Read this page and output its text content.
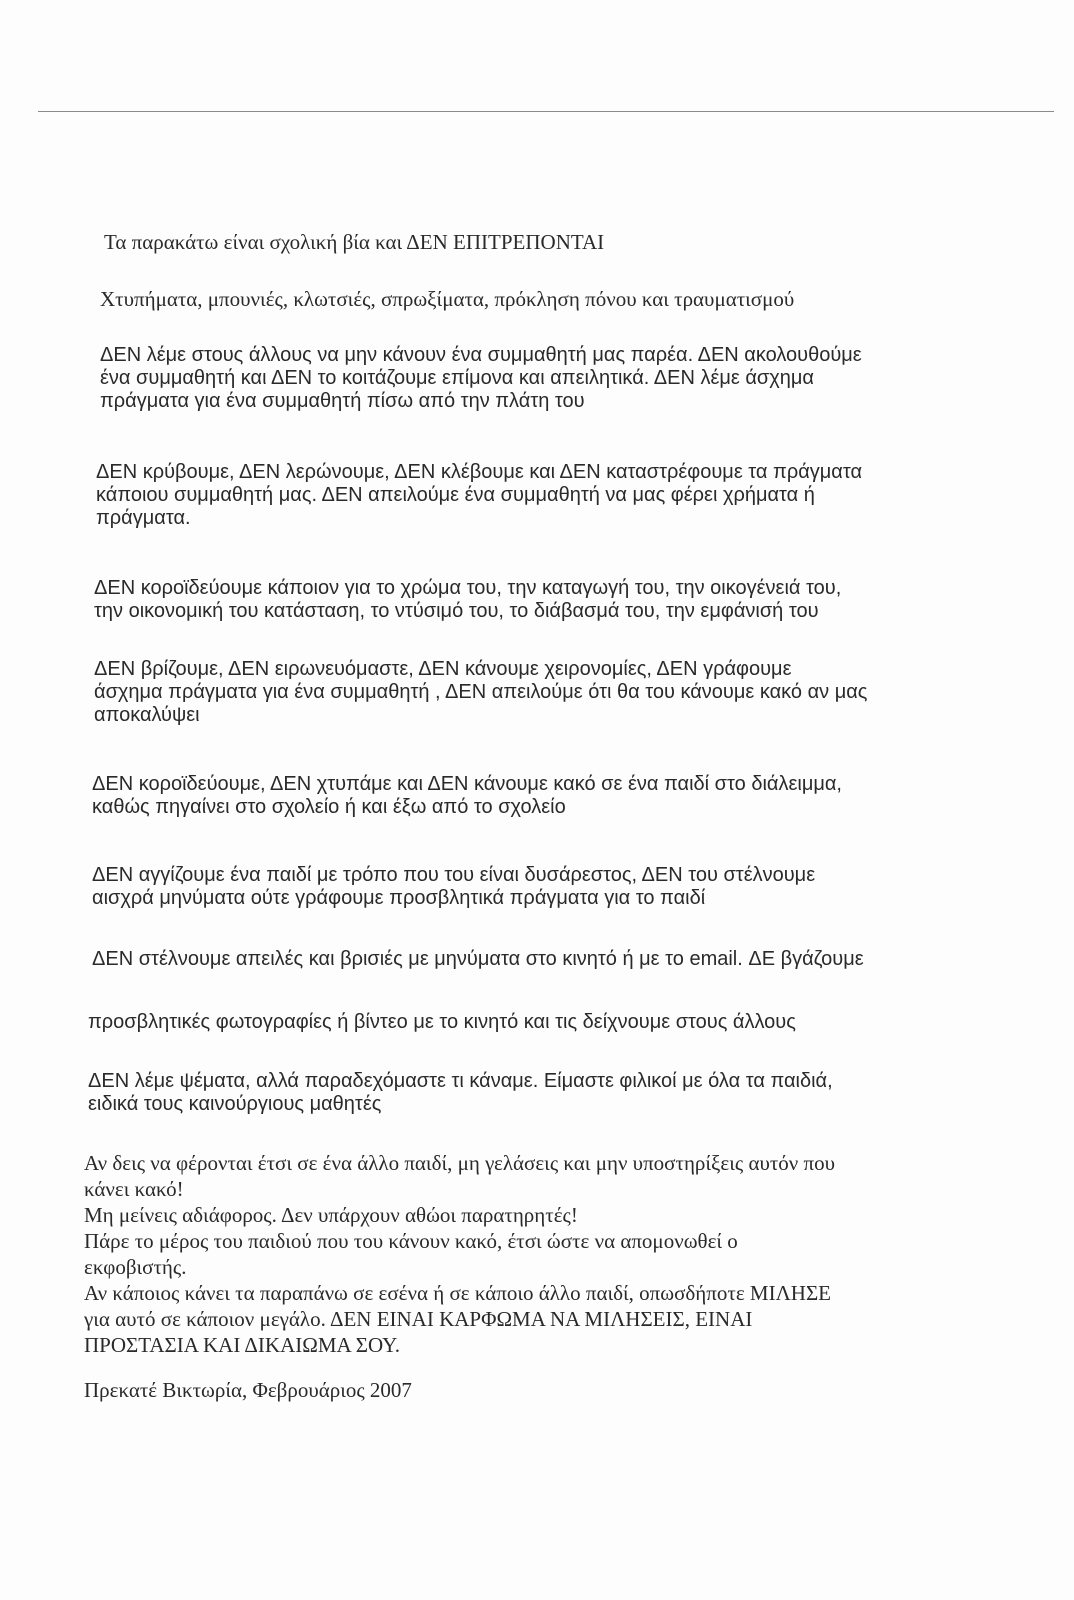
Τα παρακάτω είναι σχολική βία και ΔΕΝ ΕΠΙΤΡΕΠΟΝΤΑΙ
Χτυπήματα, μπουνιές, κλωτσιές, σπρωξίματα, πρόκληση πόνου και τραυματισμού
ΔΕΝ λέμε στους άλλους να μην κάνουν ένα συμμαθητή μας παρέα. ΔΕΝ ακολουθούμε
ένα συμμαθητή και ΔΕΝ το κοιτάζουμε επίμονα και απειλητικά. ΔΕΝ λέμε άσχημα
πράγματα για ένα συμμαθητή πίσω από την πλάτη του
ΔΕΝ κρύβουμε, ΔΕΝ λερώνουμε, ΔΕΝ κλέβουμε και ΔΕΝ καταστρέφουμε τα πράγματα
κάποιου συμμαθητή μας. ΔΕΝ απειλούμε ένα συμμαθητή να μας φέρει χρήματα ή
πράγματα.
ΔΕΝ κοροϊδεύουμε κάποιον για το χρώμα του, την καταγωγή του, την οικογένειά του,
την οικονομική του κατάσταση, το ντύσιμό του, το διάβασμά του, την εμφάνισή του
ΔΕΝ βρίζουμε, ΔΕΝ ειρωνευόμαστε, ΔΕΝ κάνουμε χειρονομίες, ΔΕΝ γράφουμε
άσχημα πράγματα για ένα συμμαθητή , ΔΕΝ απειλούμε ότι θα του κάνουμε κακό αν μας
αποκαλύψει
ΔΕΝ κοροϊδεύουμε, ΔΕΝ χτυπάμε και ΔΕΝ κάνουμε κακό σε ένα παιδί στο διάλειμμα,
καθώς πηγαίνει στο σχολείο ή και έξω από το σχολείο
ΔΕΝ αγγίζουμε ένα παιδί με τρόπο που του είναι δυσάρεστος, ΔΕΝ του στέλνουμε
αισχρά μηνύματα ούτε γράφουμε προσβλητικά πράγματα για το παιδί
ΔΕΝ στέλνουμε απειλές και βρισιές με μηνύματα στο κινητό ή με το email. ΔΕ βγάζουμε
προσβλητικές φωτογραφίες ή βίντεο με το κινητό και τις δείχνουμε στους άλλους
ΔΕΝ λέμε ψέματα, αλλά παραδεχόμαστε τι κάναμε. Είμαστε φιλικοί με όλα τα παιδιά,
ειδικά τους καινούργιους μαθητές
Αν δεις να φέρονται έτσι σε ένα άλλο παιδί, μη γελάσεις και μην υποστηρίξεις αυτόν που
κάνει κακό!
Μη μείνεις αδιάφορος. Δεν υπάρχουν αθώοι παρατηρητές!
Πάρε το μέρος του παιδιού που του κάνουν κακό, έτσι ώστε να απομονωθεί ο
εκφοβιστής.
Αν κάποιος κάνει τα παραπάνω σε εσένα ή σε κάποιο άλλο παιδί, οπωσδήποτε ΜΙΛΗΣΕ
για αυτό σε κάποιον μεγάλο. ΔΕΝ ΕΙΝΑΙ ΚΑΡΦΩΜΑ ΝΑ ΜΙΛΗΣΕΙΣ, ΕΙΝΑΙ
ΠΡΟΣΤΑΣΙΑ ΚΑΙ ΔΙΚΑΙΩΜΑ ΣΟΥ.
Πρεκατέ Βικτωρία, Φεβρουάριος 2007
